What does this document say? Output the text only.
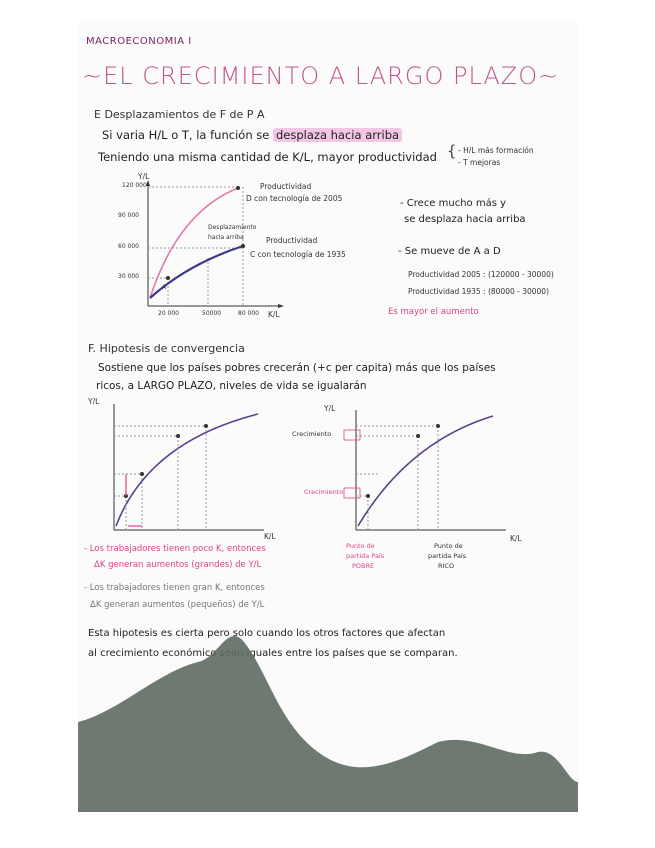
MACROECONOMIA I
~EL CRECIMIENTO A LARGO PLAZO~
E Desplazamientos de F de P A
Si varia H/L o T, la función se desplaza hacia arriba
Teniendo una misma cantidad de K/L, mayor productividad { - H/L más formación
- T mejoras
Y/L
120 000
90 000
60 000
30 000
20 000	50000	80 000 K/L
A
Productividad
D con tecnología de 2005
Desplazamiento
hacia arriba	Productividad
C con tecnología de 1935
- Crece mucho más y
se desplaza hacia arriba
- Se mueve de A a D
Productividad 2005 : (120000 - 30000)
Productividad 1935 : (80000 - 30000)
Es mayor el aumento
F. Hipotesis de convergencia
Sostiene que los países pobres crecerán (+c per capita) más que los países
ricos, a LARGO PLAZO, niveles de vida se igualarán
Y/L
K/L
Y/L
K/L
Crecimiento
Crecimiento
Punto de
partida País
POBRE
Punto de
partida País
RICO
- Los trabajadores tienen poco K, entonces
ΔK generan aumentos (grandes) de Y/L
- Los trabajadores tienen gran K, entonces
ΔK generan aumentos (pequeños) de Y/L
Esta hipotesis es cierta pero solo cuando los otros factores que afectan
al crecimiento económico sean iguales entre los países que se comparan.
